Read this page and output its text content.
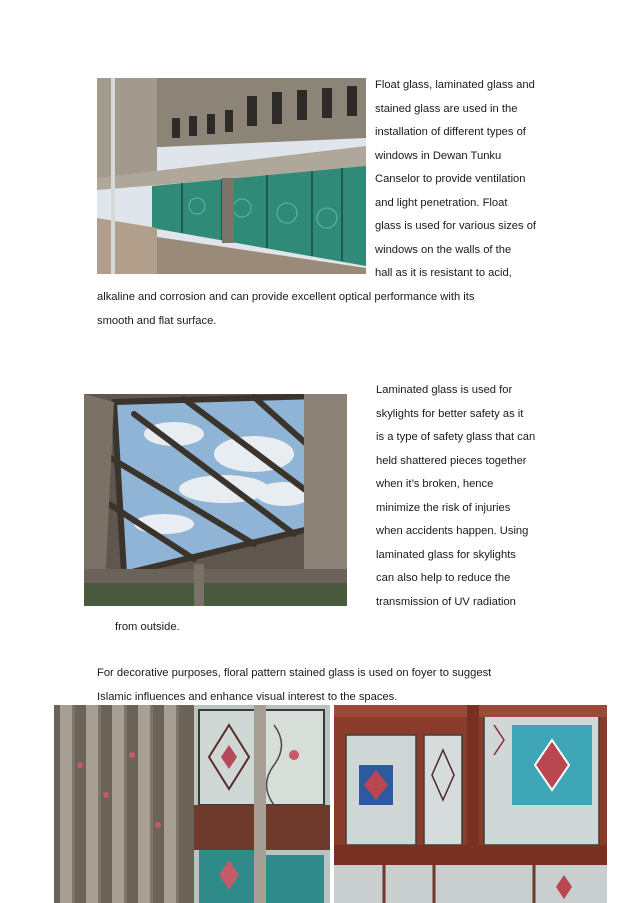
Float glass, laminated glass and
stained glass are used in the
installation of different types of
windows in Dewan Tunku
Canselor to provide ventilation
and light penetration. Float
glass is used for various sizes of
windows on the walls of the
hall as it is resistant to acid,
alkaline and corrosion and can provide excellent optical performance with its
smooth and flat surface.
Laminated glass is used for
skylights for better safety as it
is a type of safety glass that can
held shattered pieces together
when it’s broken, hence
minimize the risk of injuries
when accidents happen. Using
laminated glass for skylights
can also help to reduce the
transmission of UV radiation
from outside.
For decorative purposes, floral pattern stained glass is used on foyer to suggest
Islamic influences and enhance visual interest to the spaces.
